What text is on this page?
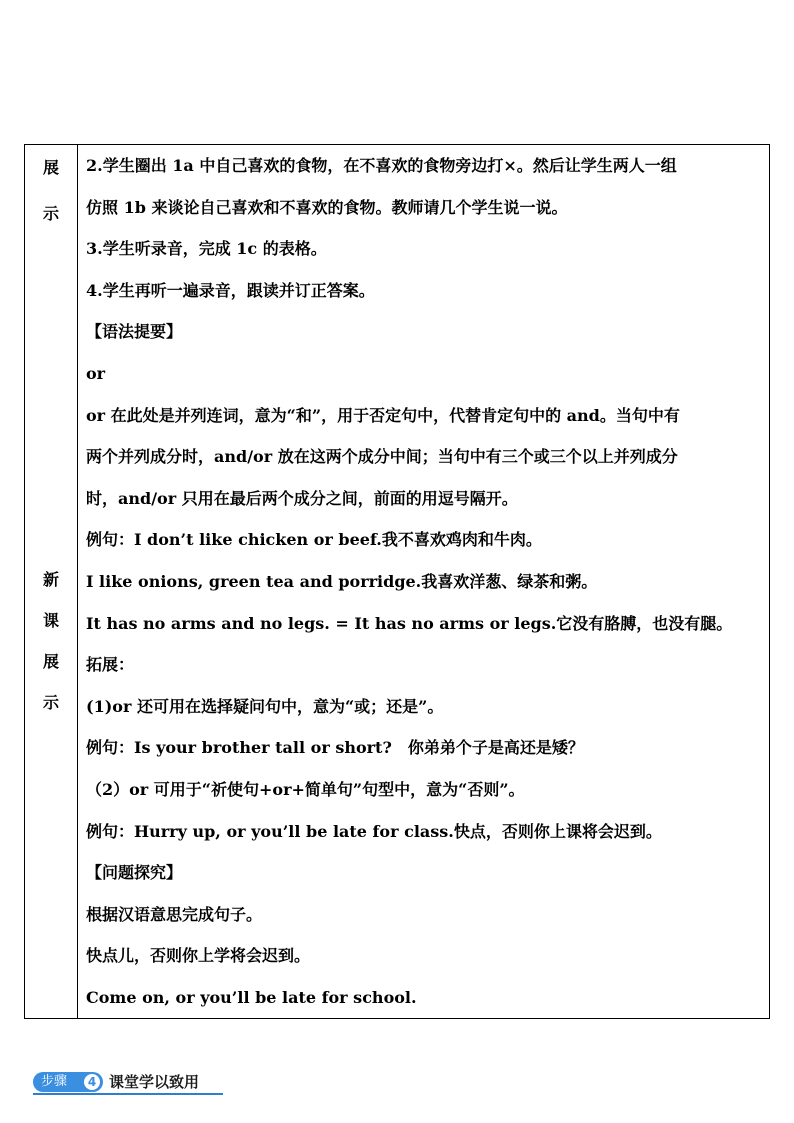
展
示
新
课
展
示
2.学生圈出 1a 中自己喜欢的食物，在不喜欢的食物旁边打×。然后让学生两人一组
仿照 1b 来谈论自己喜欢和不喜欢的食物。教师请几个学生说一说。
3.学生听录音，完成 1c 的表格。
4.学生再听一遍录音，跟读并订正答案。
【语法提要】
or
or 在此处是并列连词，意为“和”，用于否定句中，代替肯定句中的 and。当句中有
两个并列成分时，and/or 放在这两个成分中间；当句中有三个或三个以上并列成分
时，and/or 只用在最后两个成分之间，前面的用逗号隔开。
例句：I don’t like chicken or beef.我不喜欢鸡肉和牛肉。
I like onions, green tea and porridge.我喜欢洋葱、绿茶和粥。
It has no arms and no legs. = It has no arms or legs.它没有胳膊，也没有腿。
拓展：
(1)or 还可用在选择疑问句中，意为“或；还是”。
例句：Is your brother tall or short?　你弟弟个子是高还是矮？
（2）or 可用于“祈使句+or+简单句”句型中，意为“否则”。
例句：Hurry up, or you’ll be late for class.快点，否则你上课将会迟到。
【问题探究】
根据汉语意思完成句子。
快点儿，否则你上学将会迟到。
Come on, or you’ll be late for school.
步骤	4 课堂学以致用
